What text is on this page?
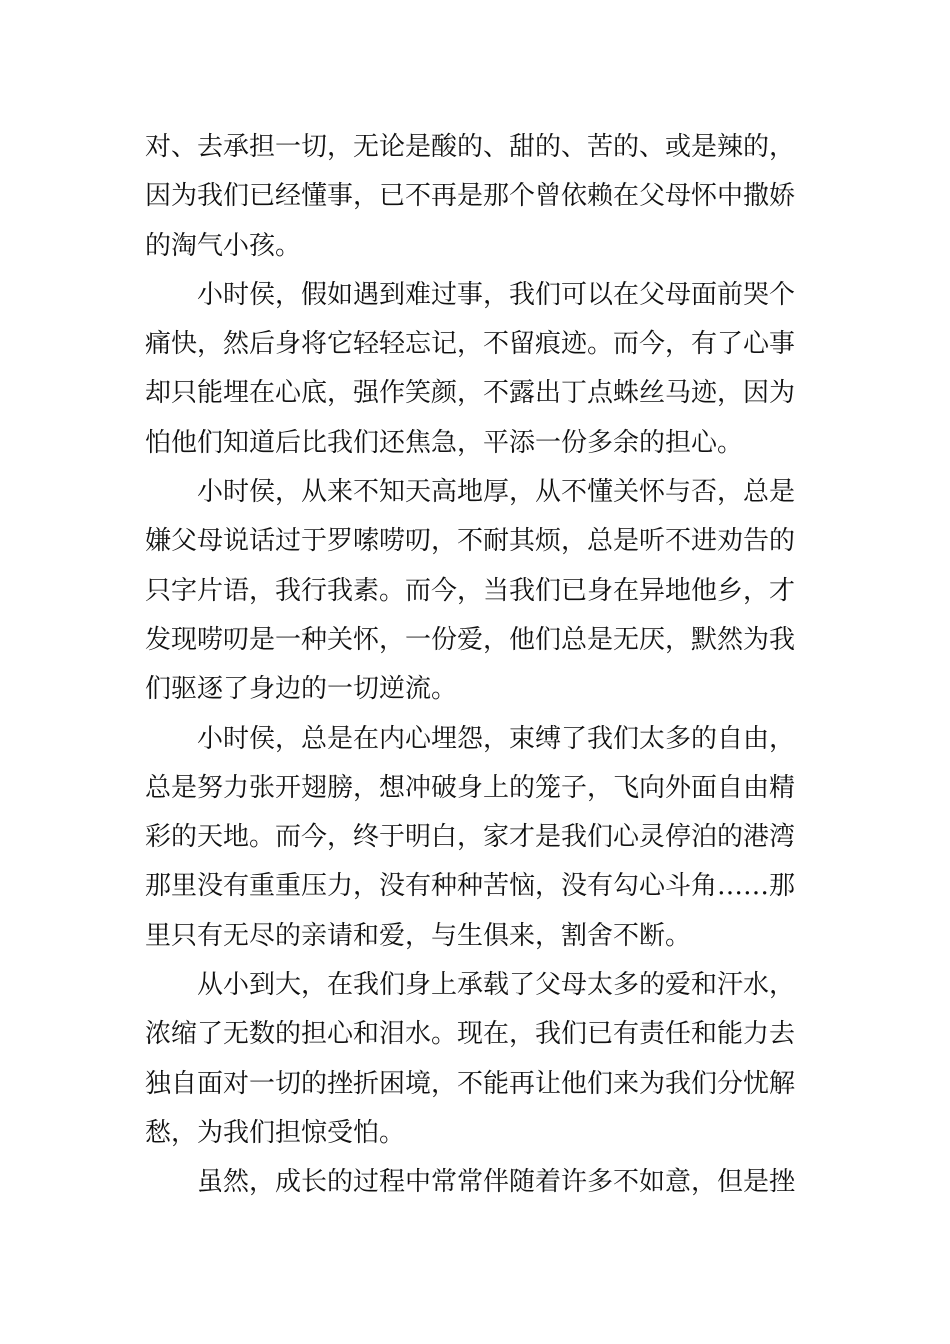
对、去承担一切，无论是酸的、甜的、苦的、或是辣的，
因为我们已经懂事，已不再是那个曾依赖在父母怀中撒娇
的淘气小孩。
小时侯，假如遇到难过事，我们可以在父母面前哭个
痛快，然后身将它轻轻忘记，不留痕迹。而今，有了心事
却只能埋在心底，强作笑颜，不露出丁点蛛丝马迹，因为
怕他们知道后比我们还焦急，平添一份多余的担心。
小时侯，从来不知天高地厚，从不懂关怀与否，总是
嫌父母说话过于罗嗦唠叨，不耐其烦，总是听不进劝告的
只字片语，我行我素。而今，当我们已身在异地他乡，才
发现唠叨是一种关怀，一份爱，他们总是无厌，默然为我
们驱逐了身边的一切逆流。
小时侯，总是在内心埋怨，束缚了我们太多的自由，
总是努力张开翅膀，想冲破身上的笼子，飞向外面自由精
彩的天地。而今，终于明白，家才是我们心灵停泊的港湾
那里没有重重压力，没有种种苦恼，没有勾心斗角……那
里只有无尽的亲请和爱，与生俱来，割舍不断。
从小到大，在我们身上承载了父母太多的爱和汗水，
浓缩了无数的担心和泪水。现在，我们已有责任和能力去
独自面对一切的挫折困境，不能再让他们来为我们分忧解
愁，为我们担惊受怕。
虽然，成长的过程中常常伴随着许多不如意，但是挫
